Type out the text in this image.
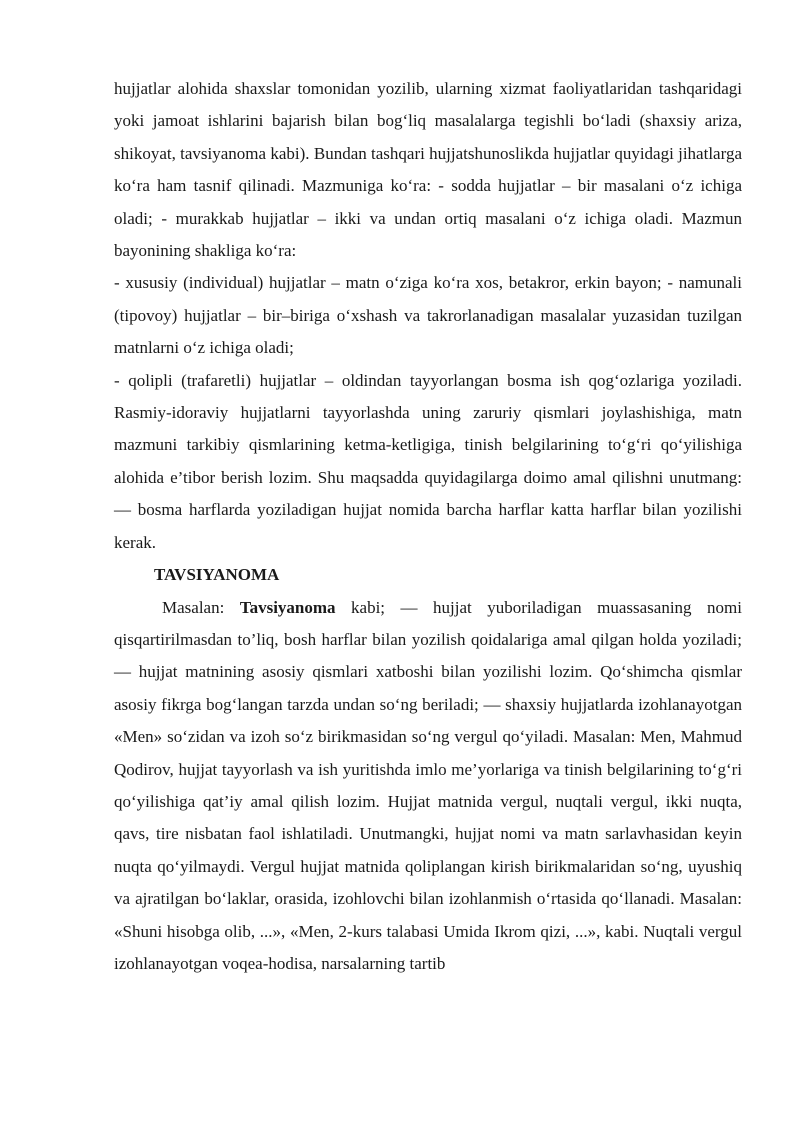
hujjatlar alohida shaxslar tomonidan yozilib, ularning xizmat faoliyatlaridan tashqaridagi yoki jamoat ishlarini bajarish bilan bog‘liq masalalarga tegishli bo‘ladi (shaxsiy ariza, shikoyat, tavsiyanoma kabi). Bundan tashqari hujjatshunoslikda hujjatlar quyidagi jihatlarga ko‘ra ham tasnif qilinadi. Mazmuniga ko‘ra: - sodda hujjatlar – bir masalani o‘z ichiga oladi; - murakkab hujjatlar – ikki va undan ortiq masalani o‘z ichiga oladi. Mazmun bayonining shakliga ko‘ra:

- xususiy (individual) hujjatlar – matn o‘ziga ko‘ra xos, betakror, erkin bayon; - namunali (tipovoy) hujjatlar – bir–biriga o‘xshash va takrorlanadigan masalalar yuzasidan tuzilgan matnlarni o‘z ichiga oladi;

- qolipli (trafaretli) hujjatlar – oldindan tayyorlangan bosma ish qog‘ozlariga yoziladi. Rasmiy-idoraviy hujjatlarni tayyorlashda uning zaruriy qismlari joylashishiga, matn mazmuni tarkibiy qismlarining ketma-ketligiga, tinish belgilarining to‘g‘ri qo‘yilishiga alohida e’tibor berish lozim. Shu maqsadda quyidagilarga doimo amal qilishni unutmang: — bosma harflarda yoziladigan hujjat nomida barcha harflar katta harflar bilan yozilishi kerak.

TAVSIYANOMA

Masalan: Tavsiyanoma kabi; — hujjat yuboriladigan muassasaning nomi qisqartirilmasdan to’liq, bosh harflar bilan yozilish qoidalariga amal qilgan holda yoziladi; — hujjat matnining asosiy qismlari xatboshi bilan yozilishi lozim. Qo‘shimcha qismlar asosiy fikrga bog‘langan tarzda undan so‘ng beriladi; — shaxsiy hujjatlarda izohlanayotgan «Men» so‘zidan va izoh so‘z birikmasidan so‘ng vergul qo‘yiladi. Masalan: Men, Mahmud Qodirov, hujjat tayyorlash va ish yuritishda imlo me’yorlariga va tinish belgilarining to‘g‘ri qo‘yilishiga qat’iy amal qilish lozim. Hujjat matnida vergul, nuqtali vergul, ikki nuqta, qavs, tire nisbatan faol ishlatiladi. Unutmangki, hujjat nomi va matn sarlavhasidan keyin nuqta qo‘yilmaydi. Vergul hujjat matnida qoliplangan kirish birikmalaridan so‘ng, uyushiq va ajratilgan bo‘laklar, orasida, izohlovchi bilan izohlanmish o‘rtasida qo‘llanadi. Masalan: «Shuni hisobga olib, ...», «Men, 2-kurs talabasi Umida Ikrom qizi, ...», kabi. Nuqtali vergul izohlanayotgan voqea-hodisa, narsalarning tartib
